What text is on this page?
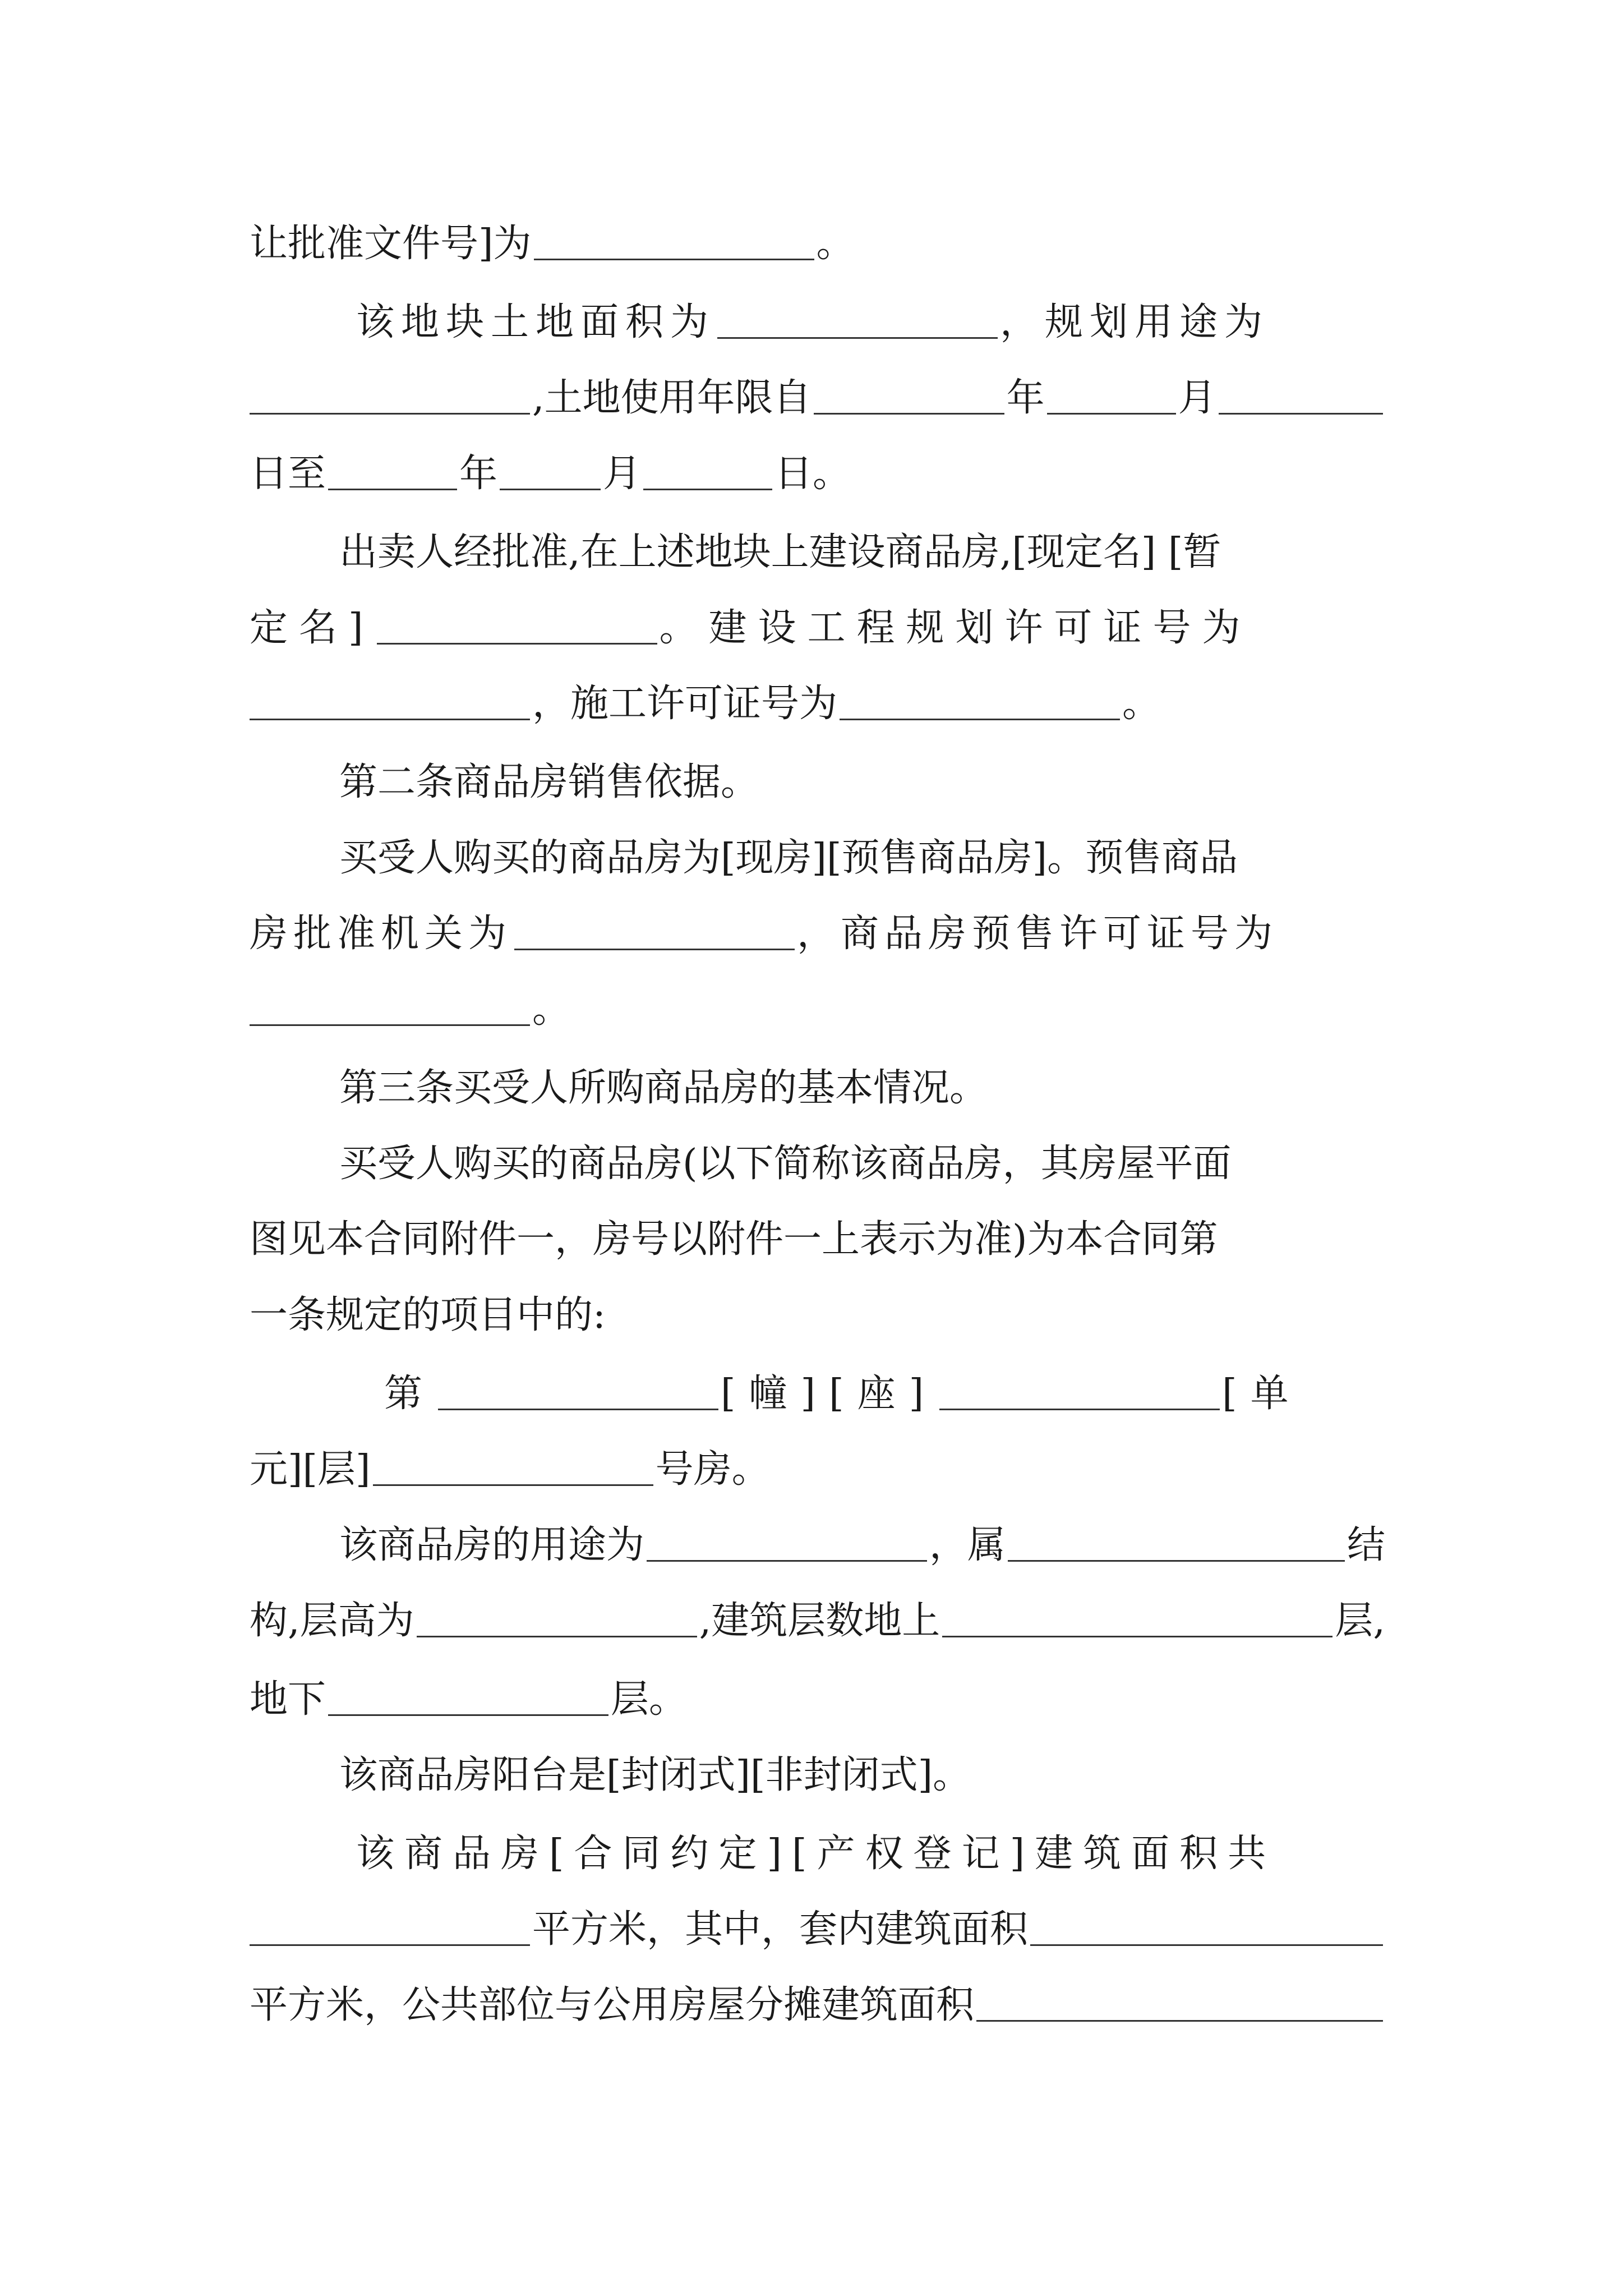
让批准文件号]为	。
该地块土地面积为	，规划用途为
,土地使用年限自	年	月
日至	年	月	日。
出卖人经批准,在上述地块上建设商品房,[现定名] [暂
定名]	。建设工程规划许可证号为
，施工许可证号为	。
第二条商品房销售依据。
买受人购买的商品房为[现房][预售商品房]。预售商品
房批准机关为	，商品房预售许可证号为
。
第三条买受人所购商品房的基本情况。
买受人购买的商品房(以下简称该商品房，其房屋平面
图见本合同附件一，房号以附件一上表示为准)为本合同第
一条规定的项目中的:
第	[幢][座]	[单
元][层]	号房。
该商品房的用途为	，属	结
构,层高为	,建筑层数地上	层,
地下	层。
该商品房阳台是[封闭式][非封闭式]。
该商品房[合同约定][产权登记]建筑面积共
平方米，其中，套内建筑面积
平方米，公共部位与公用房屋分摊建筑面积
